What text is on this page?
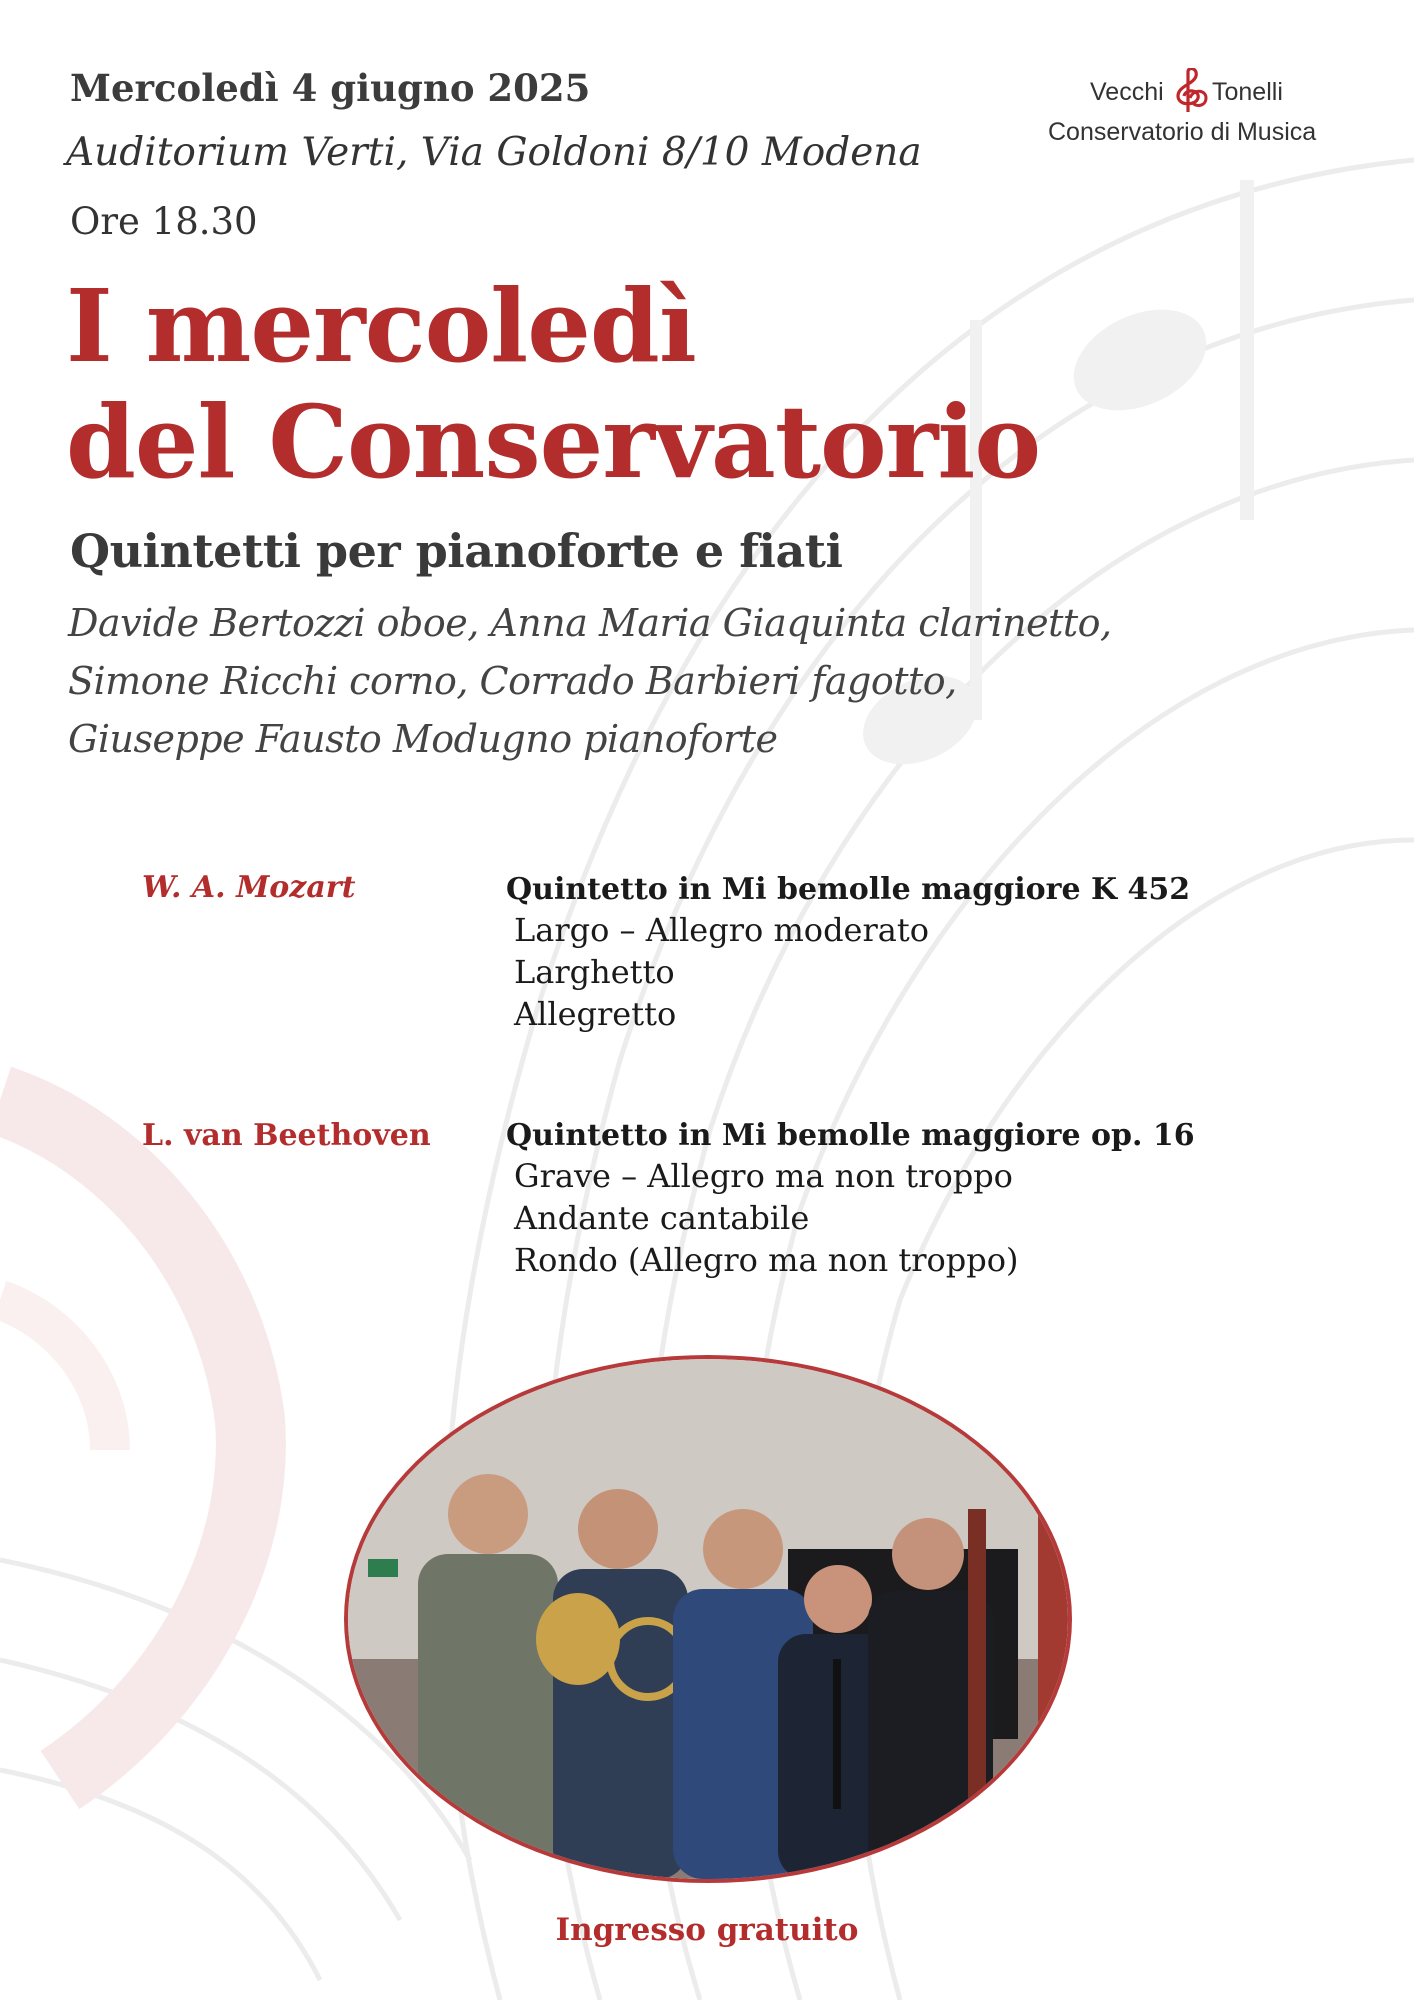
Vecchi Tonelli
Conservatorio di Musica
Mercoledì 4 giugno 2025
Auditorium Verti, Via Goldoni 8/10 Modena
Ore 18.30
I mercoledì
del Conservatorio
Quintetti per pianoforte e fiati
Davide Bertozzi oboe, Anna Maria Giaquinta clarinetto,
Simone Ricchi corno, Corrado Barbieri fagotto,
Giuseppe Fausto Modugno pianoforte
W. A. Mozart	Quintetto in Mi bemolle maggiore K 452
Largo – Allegro moderato
Larghetto
Allegretto
L. van Beethoven	Quintetto in Mi bemolle maggiore op. 16
Grave – Allegro ma non troppo
Andante cantabile
Rondo (Allegro ma non troppo)
Ingresso gratuito
